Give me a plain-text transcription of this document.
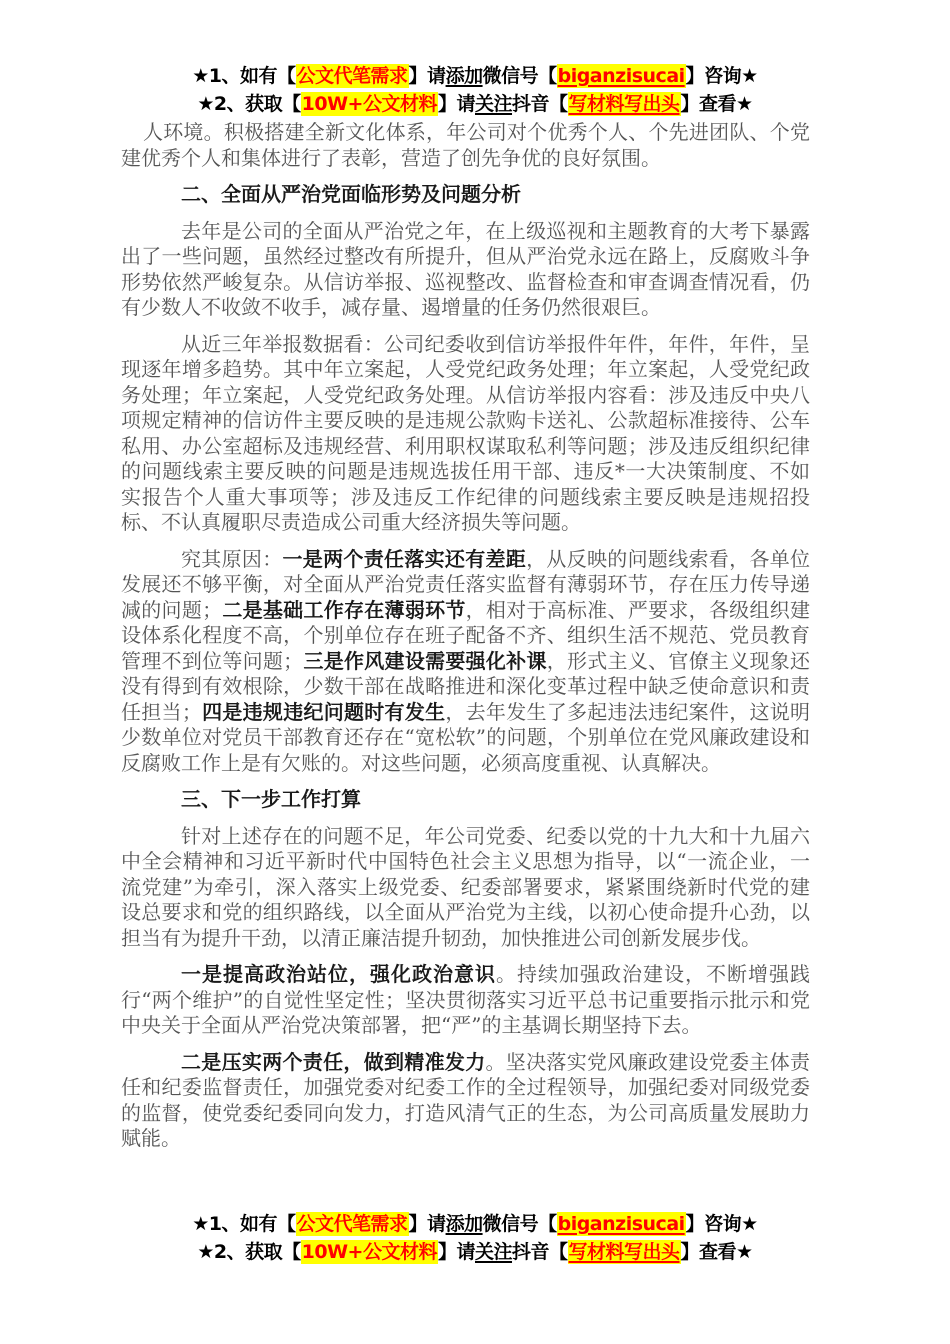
★1、如有【公文代笔需求】请添加微信号【biganzisucai】咨询★
★2、获取【10W+公文材料】请关注抖音【写材料写出头】查看★

人环境。积极搭建全新文化体系，年公司对个优秀个人、个先进团队、个党建优秀个人和集体进行了表彰，营造了创先争优的良好氛围。

二、全面从严治党面临形势及问题分析

去年是公司的全面从严治党之年，在上级巡视和主题教育的大考下暴露出了一些问题，虽然经过整改有所提升，但从严治党永远在路上，反腐败斗争形势依然严峻复杂。从信访举报、巡视整改、监督检查和审查调查情况看，仍有少数人不收敛不收手，减存量、遏增量的任务仍然很艰巨。

从近三年举报数据看：公司纪委收到信访举报件年件，年件，年件，呈现逐年增多趋势。其中年立案起，人受党纪政务处理；年立案起，人受党纪政务处理；年立案起，人受党纪政务处理。从信访举报内容看：涉及违反中央八项规定精神的信访件主要反映的是违规公款购卡送礼、公款超标准接待、公车私用、办公室超标及违规经营、利用职权谋取私利等问题；涉及违反组织纪律的问题线索主要反映的问题是违规选拔任用干部、违反*一大决策制度、不如实报告个人重大事项等；涉及违反工作纪律的问题线索主要反映是违规招投标、不认真履职尽责造成公司重大经济损失等问题。

究其原因：一是两个责任落实还有差距，从反映的问题线索看，各单位发展还不够平衡，对全面从严治党责任落实监督有薄弱环节，存在压力传导递减的问题；二是基础工作存在薄弱环节，相对于高标准、严要求，各级组织建设体系化程度不高，个别单位存在班子配备不齐、组织生活不规范、党员教育管理不到位等问题；三是作风建设需要强化补课，形式主义、官僚主义现象还没有得到有效根除，少数干部在战略推进和深化变革过程中缺乏使命意识和责任担当；四是违规违纪问题时有发生，去年发生了多起违法违纪案件，这说明少数单位对党员干部教育还存在“宽松软”的问题，个别单位在党风廉政建设和反腐败工作上是有欠账的。对这些问题，必须高度重视、认真解决。

三、下一步工作打算

针对上述存在的问题不足，年公司党委、纪委以党的十九大和十九届六中全会精神和习近平新时代中国特色社会主义思想为指导，以“一流企业，一流党建”为牵引，深入落实上级党委、纪委部署要求，紧紧围绕新时代党的建设总要求和党的组织路线，以全面从严治党为主线，以初心使命提升心劲，以担当有为提升干劲，以清正廉洁提升韧劲，加快推进公司创新发展步伐。

一是提高政治站位，强化政治意识。持续加强政治建设，不断增强践行“两个维护”的自觉性坚定性；坚决贯彻落实习近平总书记重要指示批示和党中央关于全面从严治党决策部署，把“严”的主基调长期坚持下去。

二是压实两个责任，做到精准发力。坚决落实党风廉政建设党委主体责任和纪委监督责任，加强党委对纪委工作的全过程领导，加强纪委对同级党委的监督，使党委纪委同向发力，打造风清气正的生态，为公司高质量发展助力赋能。

★1、如有【公文代笔需求】请添加微信号【biganzisucai】咨询★
★2、获取【10W+公文材料】请关注抖音【写材料写出头】查看★
